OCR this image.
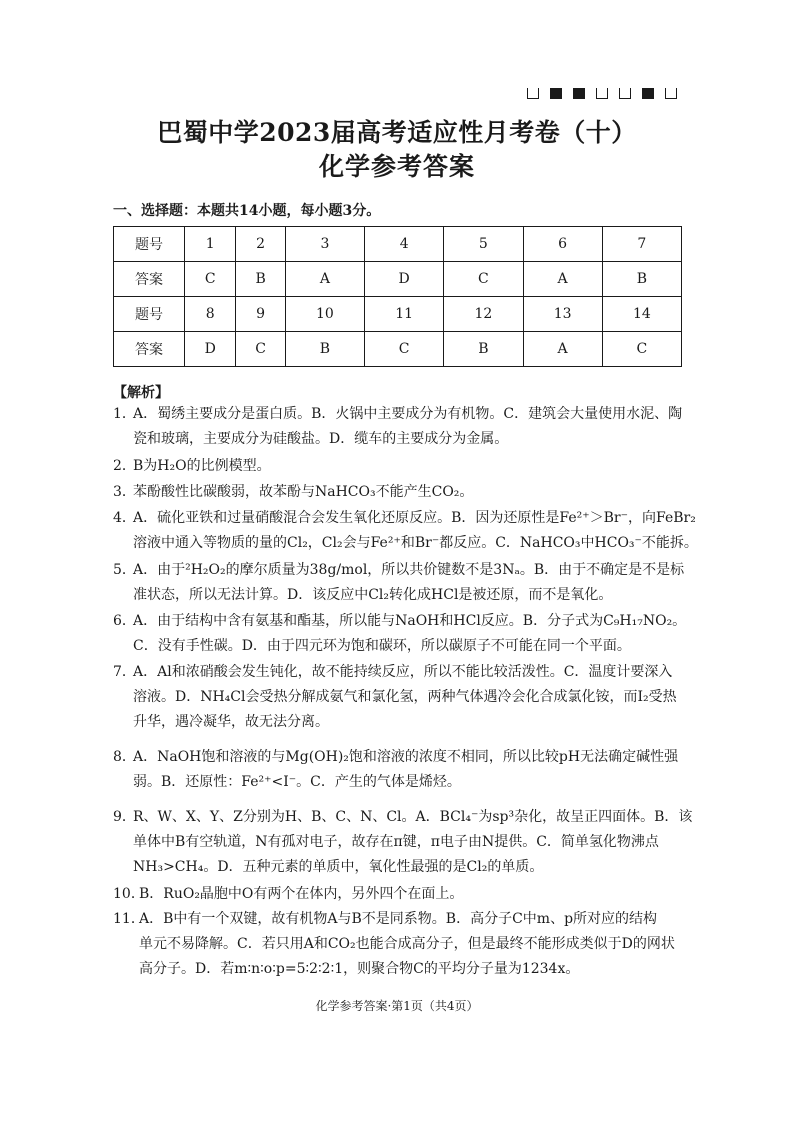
巴蜀中学2023届高考适应性月考卷（十）
化学参考答案
一、选择题：本题共14小题，每小题3分。
题号	1	2	3	4	5	6	7
答案	C	B	A	D	C	A	B
题号	8	9	10	11	12	13	14
答案	D	C	B	C	B	A	C
【解析】
1．
A．蜀绣主要成分是蛋白质。B．火锅中主要成分为有机物。C．建筑会大量使用水泥、陶
瓷和玻璃，主要成分为硅酸盐。D．缆车的主要成分为金属。
2．
B为H₂O的比例模型。
3．
苯酚酸性比碳酸弱，故苯酚与NaHCO₃不能产生CO₂。
4．
A．硫化亚铁和过量硝酸混合会发生氧化还原反应。B．因为还原性是Fe²⁺＞Br⁻，向FeBr₂
溶液中通入等物质的量的Cl₂，Cl₂会与Fe²⁺和Br⁻都反应。C．NaHCO₃中HCO₃⁻不能拆。
5．
A．由于²H₂O₂的摩尔质量为38g/mol，所以共价键数不是3Nₐ。B．由于不确定是不是标
准状态，所以无法计算。D．该反应中Cl₂转化成HCl是被还原，而不是氧化。
6．
A．由于结构中含有氨基和酯基，所以能与NaOH和HCl反应。B．分子式为C₉H₁₇NO₂。
C．没有手性碳。D．由于四元环为饱和碳环，所以碳原子不可能在同一个平面。
7．
A．Al和浓硝酸会发生钝化，故不能持续反应，所以不能比较活泼性。C．温度计要深入
溶液。D．NH₄Cl会受热分解成氨气和氯化氢，两种气体遇冷会化合成氯化铵，而I₂受热
升华，遇冷凝华，故无法分离。
8．
A．NaOH饱和溶液的与Mg(OH)₂饱和溶液的浓度不相同，所以比较pH无法确定碱性强
弱。B．还原性：Fe²⁺<I⁻。C．产生的气体是烯烃。
9．
R、W、X、Y、Z分别为H、B、C、N、Cl。A．BCl₄⁻为sp³杂化，故呈正四面体。B．该
单体中B有空轨道，N有孤对电子，故存在π键，π电子由N提供。C．简单氢化物沸点
NH₃>CH₄。D．五种元素的单质中，氧化性最强的是Cl₂的单质。
10．
B．RuO₂晶胞中O有两个在体内，另外四个在面上。
11．
A．B中有一个双键，故有机物A与B不是同系物。B．高分子C中m、p所对应的结构
单元不易降解。C．若只用A和CO₂也能合成高分子，但是最终不能形成类似于D的网状
高分子。D．若m∶n∶o∶p=5∶2∶2∶1，则聚合物C的平均分子量为1234x。
化学参考答案·第1页（共4页）
